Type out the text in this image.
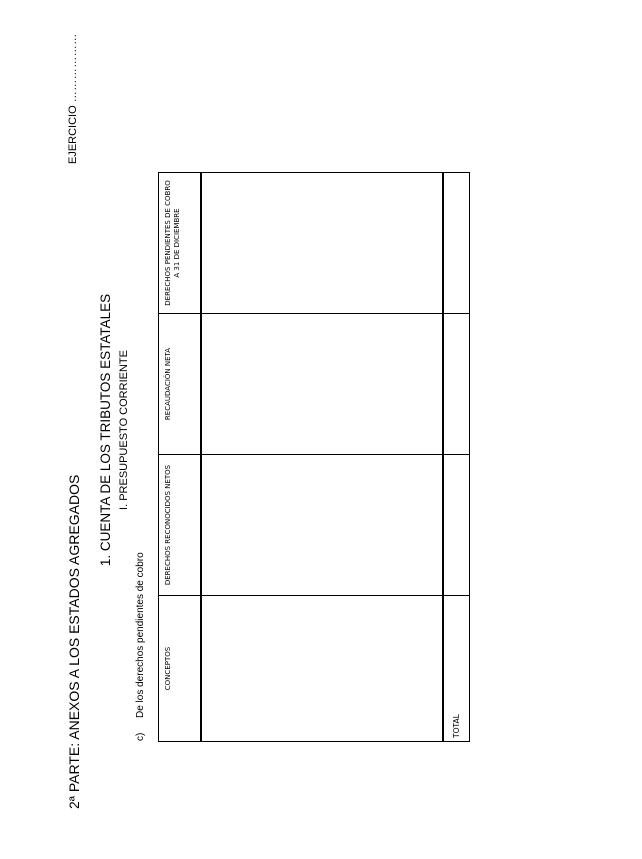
2ª PARTE: ANEXOS A LOS ESTADOS AGREGADOS
EJERCICIO ………………
1. CUENTA DE LOS TRIBUTOS ESTATALES I. PRESUPUESTO CORRIENTE
c)
De los derechos pendientes de cobro	CONCEPTOS	DERECHOS RECONOCIDOS NETOS	RECAUDACIÓN NETA	DERECHOS PENDIENTES DE COBRO A 31 DE DICIEMBRE

TOTAL			
